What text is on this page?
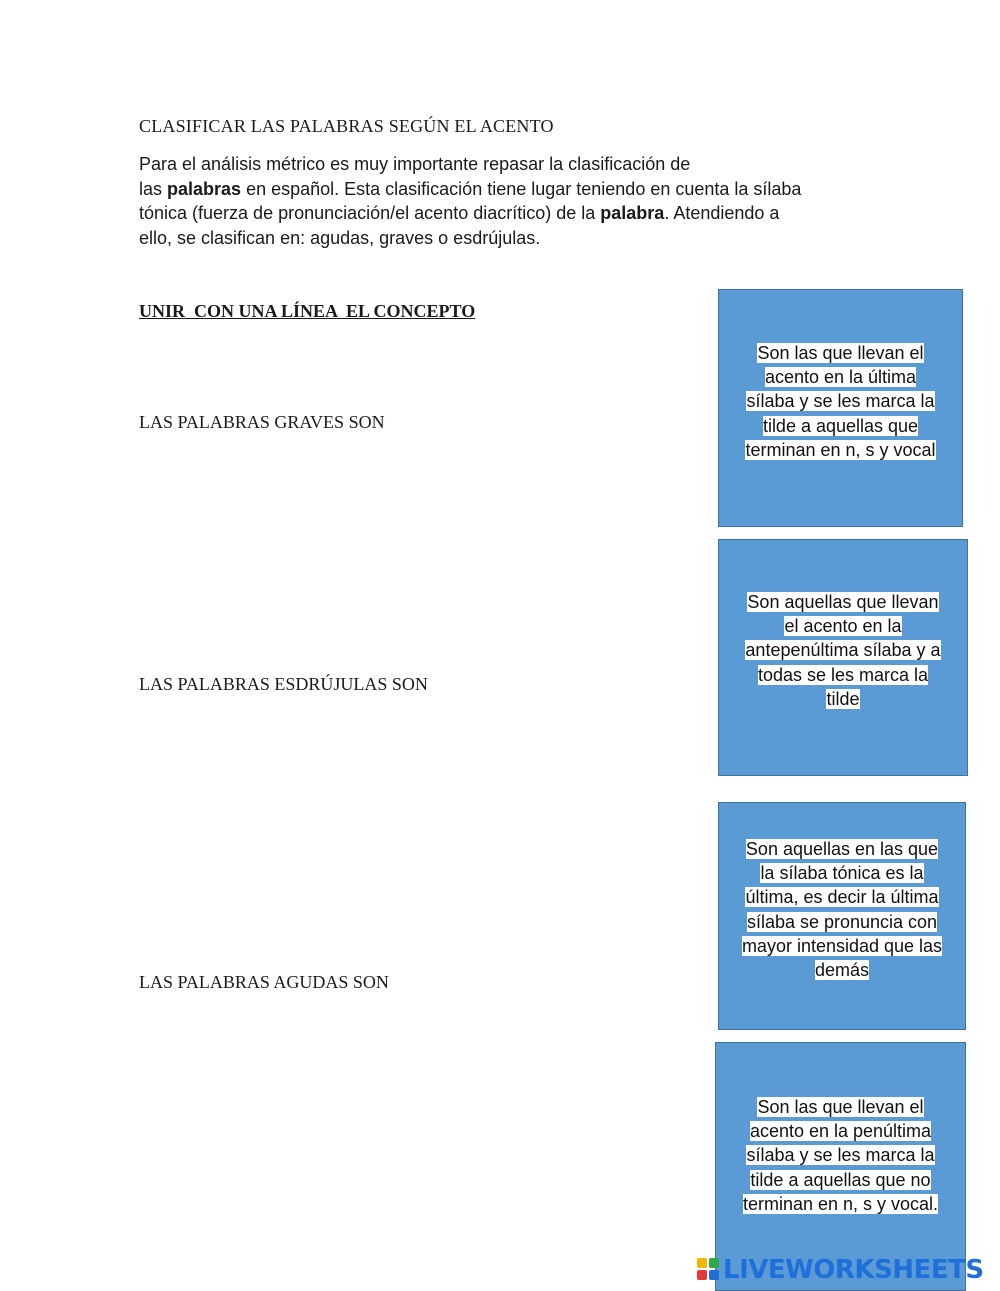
CLASIFICAR LAS PALABRAS SEGÚN EL ACENTO
Para el análisis métrico es muy importante repasar la clasificación de
las palabras en español. Esta clasificación tiene lugar teniendo en cuenta la sílaba
tónica (fuerza de pronunciación/el acento diacrítico) de la palabra. Atendiendo a
ello, se clasifican en: agudas, graves o esdrújulas.
UNIR  CON UNA LÍNEA  EL CONCEPTO
LAS PALABRAS GRAVES SON
LAS PALABRAS ESDRÚJULAS SON
LAS PALABRAS AGUDAS SON
Son las que llevan el
acento en la última
sílaba y se les marca la
tilde a aquellas que
terminan en n, s y vocal
Son aquellas que llevan
el acento en la
antepenúltima sílaba y a
todas se les marca la
tilde
Son aquellas en las que
la sílaba tónica es la
última, es decir la última
sílaba se pronuncia con
mayor intensidad que las
demás
Son las que llevan el
acento en la penúltima
sílaba y se les marca la
tilde a aquellas que no
terminan en n, s y vocal.
LIVEWORKSHEETS
